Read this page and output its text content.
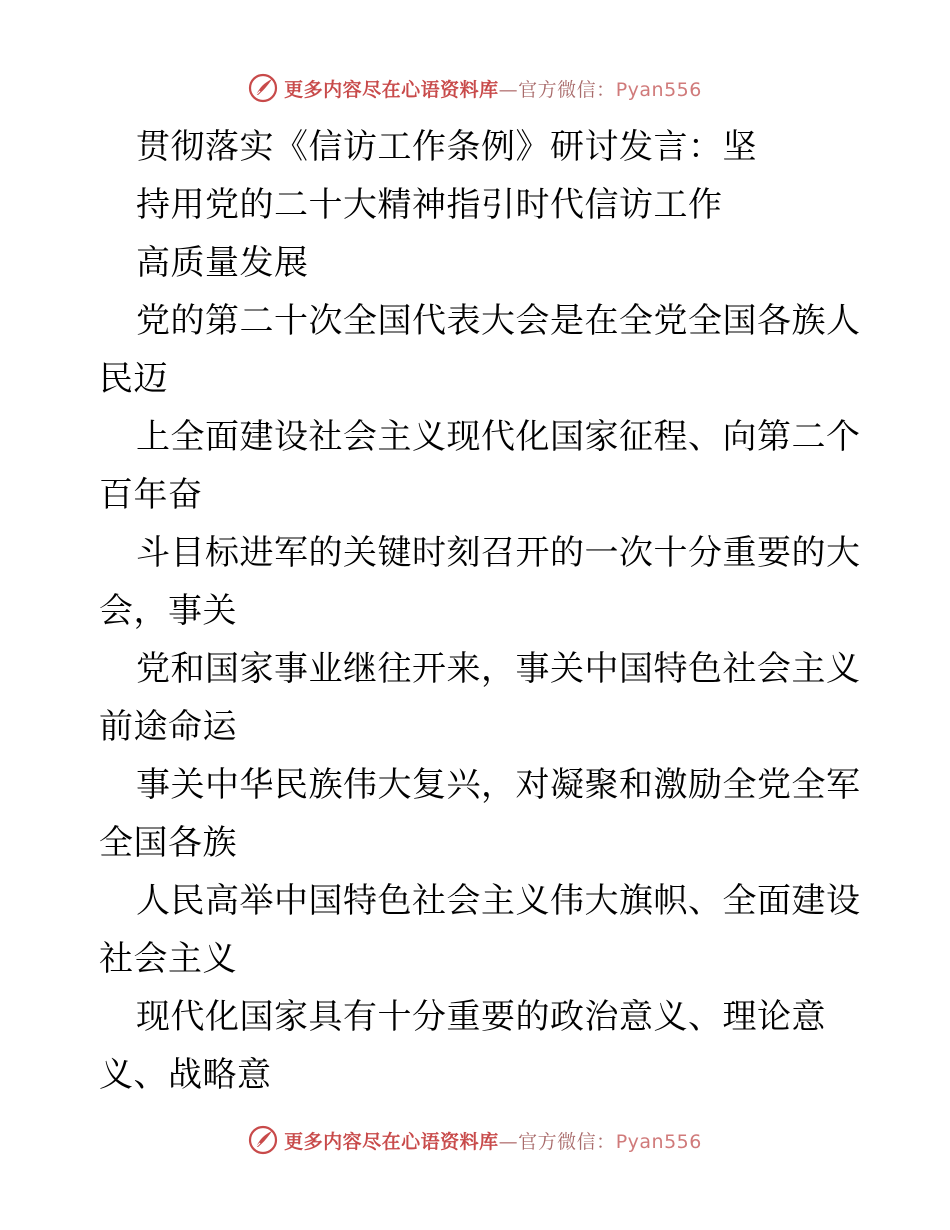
更多内容尽在心语资料库—官方微信：Pyan556
贯彻落实《信访工作条例》研讨发言：坚
持用党的二十大精神指引时代信访工作
高质量发展
党的第二十次全国代表大会是在全党全国各族人
民迈
上全面建设社会主义现代化国家征程、向第二个
百年奋
斗目标进军的关键时刻召开的一次十分重要的大
会，事关
党和国家事业继往开来，事关中国特色社会主义
前途命运
事关中华民族伟大复兴，对凝聚和激励全党全军
全国各族
人民高举中国特色社会主义伟大旗帜、全面建设
社会主义
现代化国家具有十分重要的政治意义、理论意
义、战略意
更多内容尽在心语资料库—官方微信：Pyan556
